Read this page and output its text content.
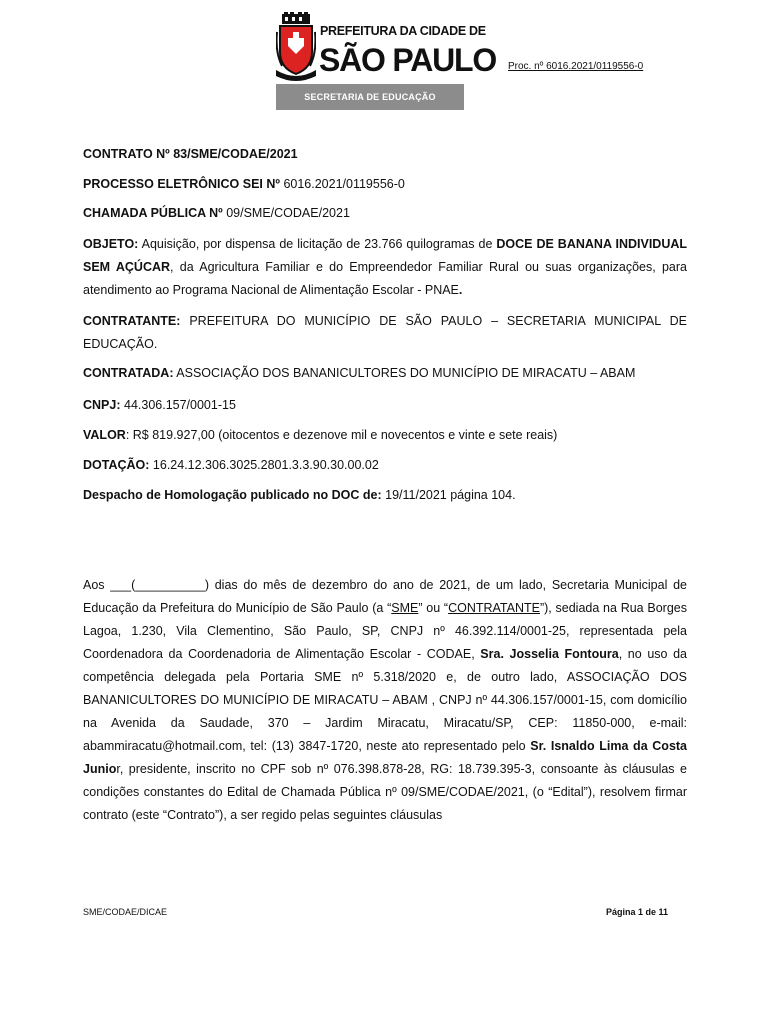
PREFEITURA DA CIDADE DE
SÃO PAULO
SECRETARIA DE EDUCAÇÃO
Proc. nº 6016.2021/0119556-0
CONTRATO Nº 83/SME/CODAE/2021
PROCESSO ELETRÔNICO SEI Nº 6016.2021/0119556-0
CHAMADA PÚBLICA Nº 09/SME/CODAE/2021
OBJETO: Aquisição, por dispensa de licitação de 23.766 quilogramas de DOCE DE BANANA INDIVIDUAL SEM AÇÚCAR, da Agricultura Familiar e do Empreendedor Familiar Rural ou suas organizações, para atendimento ao Programa Nacional de Alimentação Escolar - PNAE.
CONTRATANTE: PREFEITURA DO MUNICÍPIO DE SÃO PAULO – SECRETARIA MUNICIPAL DE EDUCAÇÃO.
CONTRATADA: ASSOCIAÇÃO DOS BANANICULTORES DO MUNICÍPIO DE MIRACATU – ABAM
CNPJ: 44.306.157/0001-15
VALOR: R$ 819.927,00 (oitocentos e dezenove mil e novecentos e vinte e sete reais)
DOTAÇÃO: 16.24.12.306.3025.2801.3.3.90.30.00.02
Despacho de Homologação publicado no DOC de: 19/11/2021 página 104.
Aos ___(__________) dias do mês de dezembro do ano de 2021, de um lado, Secretaria Municipal de Educação da Prefeitura do Município de São Paulo (a “SME” ou “CONTRATANTE”), sediada na Rua Borges Lagoa, 1.230, Vila Clementino, São Paulo, SP, CNPJ nº 46.392.114/0001-25, representada pela Coordenadora da Coordenadoria de Alimentação Escolar - CODAE, Sra. Josselia Fontoura, no uso da competência delegada pela Portaria SME nº 5.318/2020 e, de outro lado, ASSOCIAÇÃO DOS BANANICULTORES DO MUNICÍPIO DE MIRACATU – ABAM , CNPJ nº 44.306.157/0001-15, com domicílio na Avenida da Saudade, 370 – Jardim Miracatu, Miracatu/SP, CEP: 11850-000, e-mail: abammiracatu@hotmail.com, tel: (13) 3847-1720, neste ato representado pelo Sr. Isnaldo Lima da Costa Junior, presidente, inscrito no CPF sob nº 076.398.878-28, RG: 18.739.395-3, consoante às cláusulas e condições constantes do Edital de Chamada Pública nº 09/SME/CODAE/2021, (o “Edital”), resolvem firmar contrato (este “Contrato”), a ser regido pelas seguintes cláusulas
SME/CODAE/DICAE	Página 1 de 11
